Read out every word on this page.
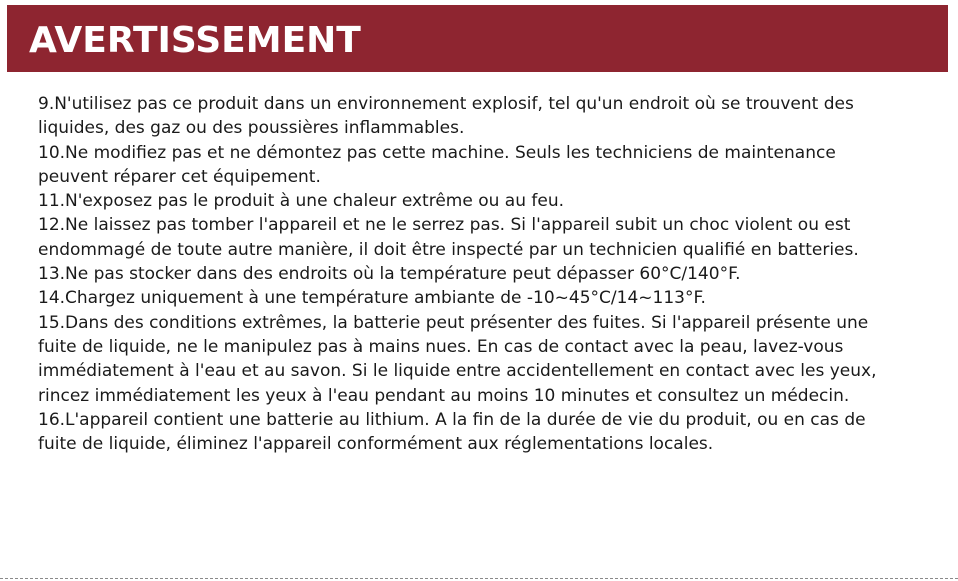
AVERTISSEMENT
9.N'utilisez pas ce produit dans un environnement explosif, tel qu'un endroit où se trouvent des
liquides, des gaz ou des poussières inflammables.
10.Ne modifiez pas et ne démontez pas cette machine. Seuls les techniciens de maintenance
peuvent réparer cet équipement.
11.N'exposez pas le produit à une chaleur extrême ou au feu.
12.Ne laissez pas tomber l'appareil et ne le serrez pas. Si l'appareil subit un choc violent ou est
endommagé de toute autre manière, il doit être inspecté par un technicien qualifié en batteries.
13.Ne pas stocker dans des endroits où la température peut dépasser 60°C/140°F.
14.Chargez uniquement à une température ambiante de -10~45°C/14~113°F.
15.Dans des conditions extrêmes, la batterie peut présenter des fuites. Si l'appareil présente une
fuite de liquide, ne le manipulez pas à mains nues. En cas de contact avec la peau, lavez-vous
immédiatement à l'eau et au savon. Si le liquide entre accidentellement en contact avec les yeux,
rincez immédiatement les yeux à l'eau pendant au moins 10 minutes et consultez un médecin.
16.L'appareil contient une batterie au lithium. A la fin de la durée de vie du produit, ou en cas de
fuite de liquide, éliminez l'appareil conformément aux réglementations locales.
